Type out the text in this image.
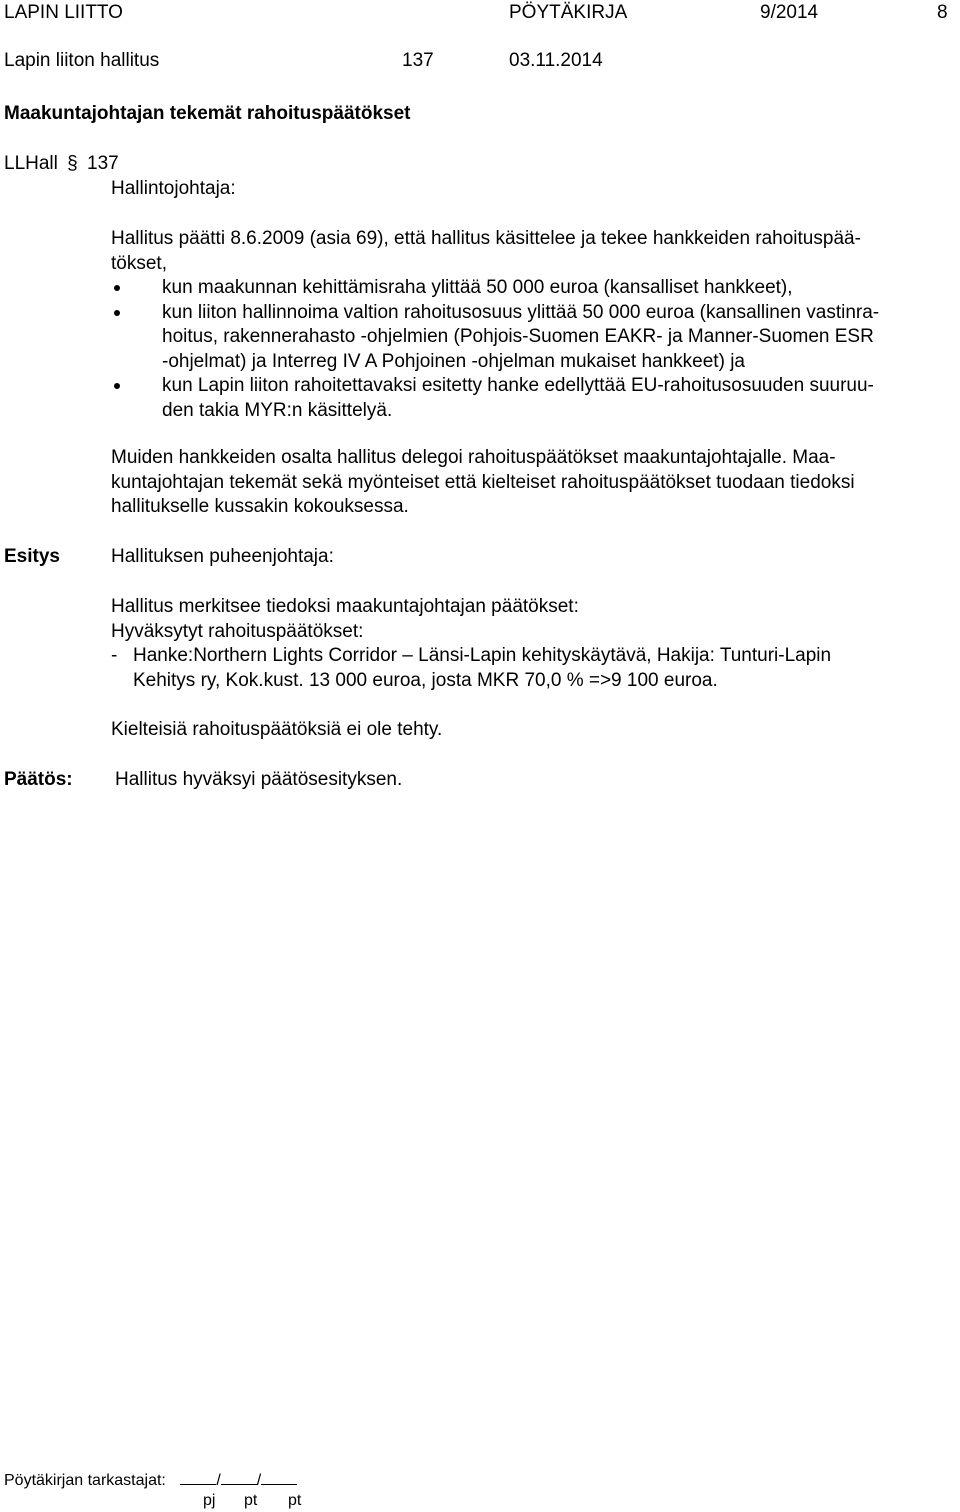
LAPIN LIITTO	PÖYTÄKIRJA	9/2014	8
Lapin liiton hallitus	137	03.11.2014
Maakuntajohtajan tekemät rahoituspäätökset
LLHall § 137
Hallintojohtaja:
Hallitus päätti 8.6.2009 (asia 69), että hallitus käsittelee ja tekee hankkeiden rahoituspää-
tökset,
kun maakunnan kehittämisraha ylittää 50 000 euroa (kansalliset hankkeet),
kun liiton hallinnoima valtion rahoitusosuus ylittää 50 000 euroa (kansallinen vastinra-
hoitus, rakennerahasto -ohjelmien (Pohjois-Suomen EAKR- ja Manner-Suomen ESR
-ohjelmat) ja Interreg IV A Pohjoinen -ohjelman mukaiset hankkeet) ja
kun Lapin liiton rahoitettavaksi esitetty hanke edellyttää EU-rahoitusosuuden suuruu-
den takia MYR:n käsittelyä.
Muiden hankkeiden osalta hallitus delegoi rahoituspäätökset maakuntajohtajalle. Maa-
kuntajohtajan tekemät sekä myönteiset että kielteiset rahoituspäätökset tuodaan tiedoksi
hallitukselle kussakin kokouksessa.
Esitys	Hallituksen puheenjohtaja:
Hallitus merkitsee tiedoksi maakuntajohtajan päätökset:
Hyväksytyt rahoituspäätökset:
- Hanke:Northern Lights Corridor – Länsi-Lapin kehityskäytävä, Hakija: Tunturi-Lapin
Kehitys ry, Kok.kust. 13 000 euroa, josta MKR 70,0 % =>9 100 euroa.
Kielteisiä rahoituspäätöksiä ei ole tehty.
Päätös: Hallitus hyväksyi päätösesityksen.
Pöytäkirjan tarkastajat:	/ /
pj pt pt
